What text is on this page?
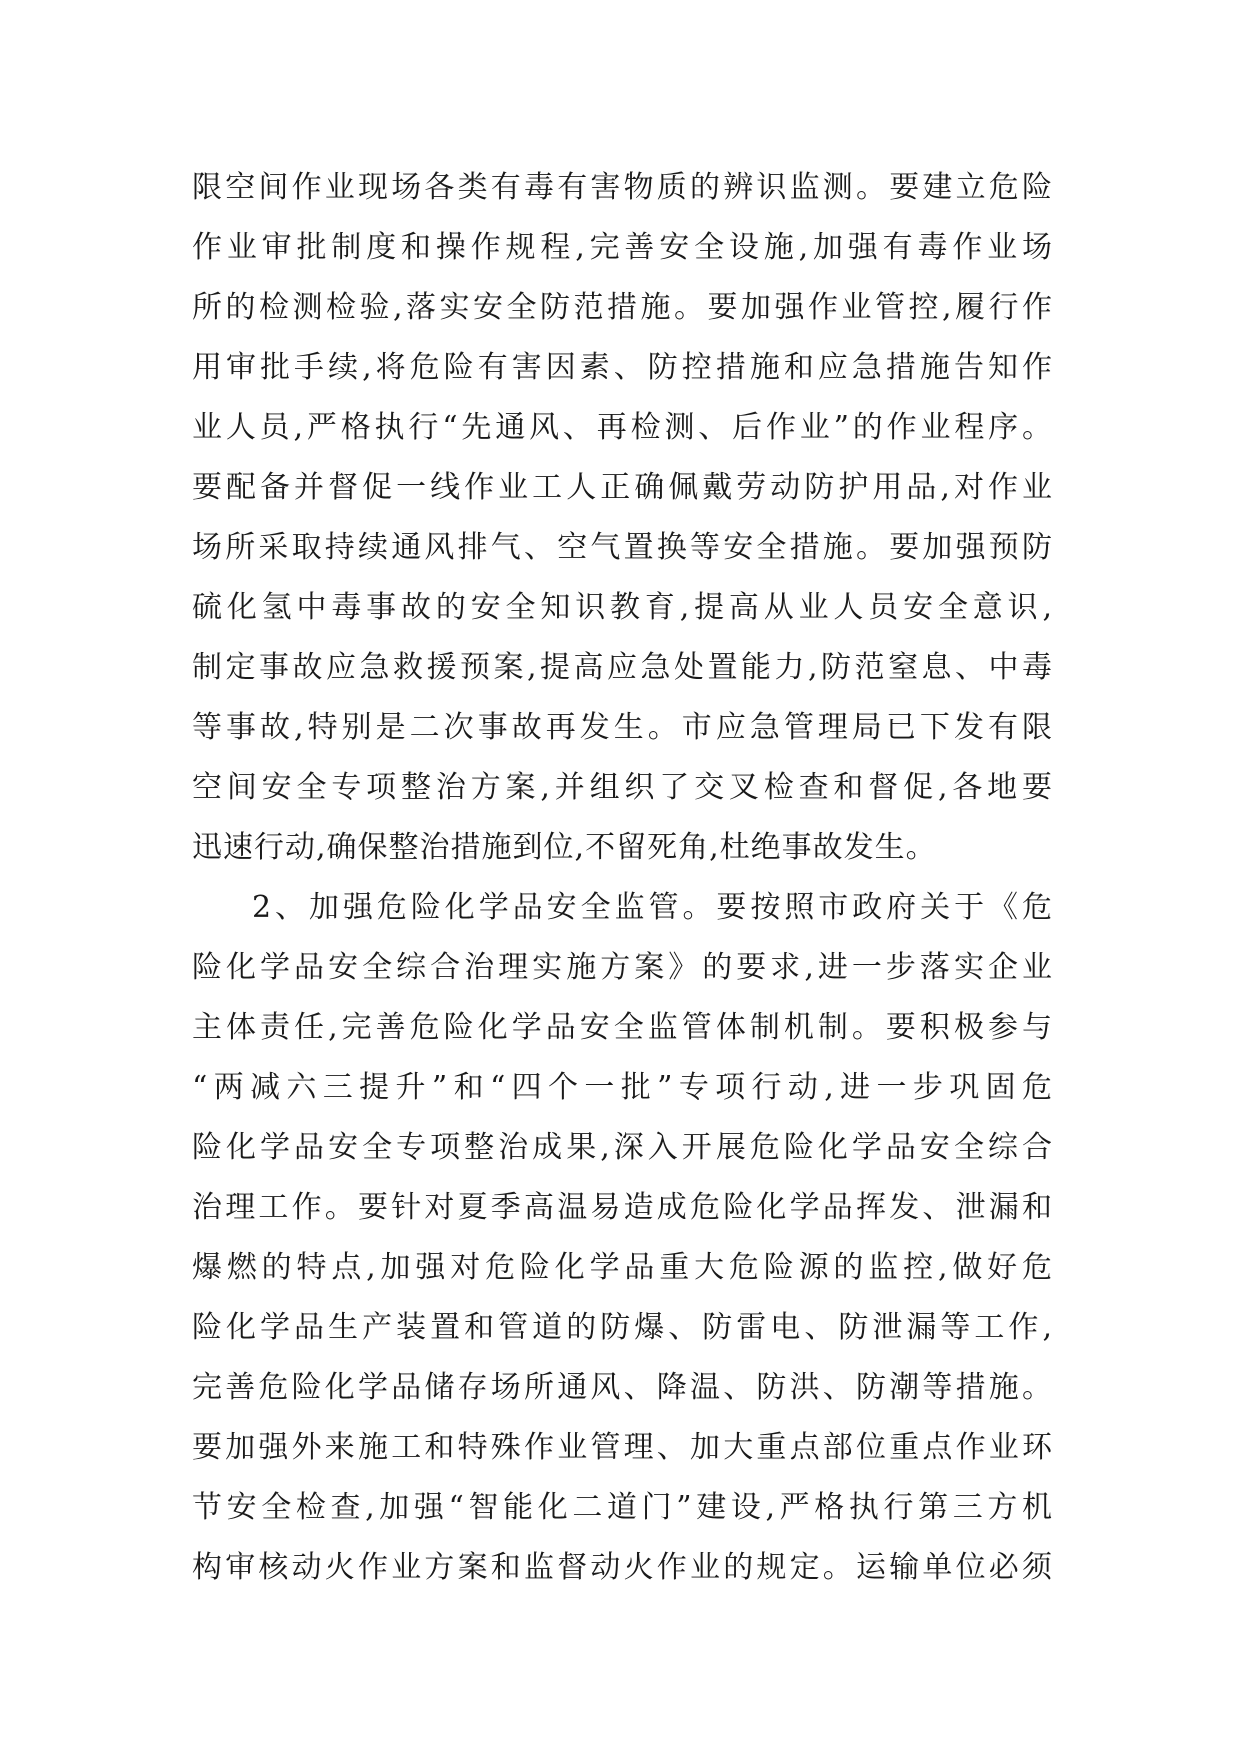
限空间作业现场各类有毒有害物质的辨识监测。要建立危险
作业审批制度和操作规程,完善安全设施,加强有毒作业场
所的检测检验,落实安全防范措施。要加强作业管控,履行作
用审批手续,将危险有害因素、防控措施和应急措施告知作
业人员,严格执行“先通风、再检测、后作业”的作业程序。
要配备并督促一线作业工人正确佩戴劳动防护用品,对作业
场所采取持续通风排气、空气置换等安全措施。要加强预防
硫化氢中毒事故的安全知识教育,提高从业人员安全意识,
制定事故应急救援预案,提高应急处置能力,防范窒息、中毒
等事故,特别是二次事故再发生。市应急管理局已下发有限
空间安全专项整治方案,并组织了交叉检查和督促,各地要
迅速行动,确保整治措施到位,不留死角,杜绝事故发生。
2、加强危险化学品安全监管。要按照市政府关于《危
险化学品安全综合治理实施方案》的要求,进一步落实企业
主体责任,完善危险化学品安全监管体制机制。要积极参与
“两减六三提升”和“四个一批”专项行动,进一步巩固危
险化学品安全专项整治成果,深入开展危险化学品安全综合
治理工作。要针对夏季高温易造成危险化学品挥发、泄漏和
爆燃的特点,加强对危险化学品重大危险源的监控,做好危
险化学品生产装置和管道的防爆、防雷电、防泄漏等工作,
完善危险化学品储存场所通风、降温、防洪、防潮等措施。
要加强外来施工和特殊作业管理、加大重点部位重点作业环
节安全检查,加强“智能化二道门”建设,严格执行第三方机
构审核动火作业方案和监督动火作业的规定。运输单位必须
